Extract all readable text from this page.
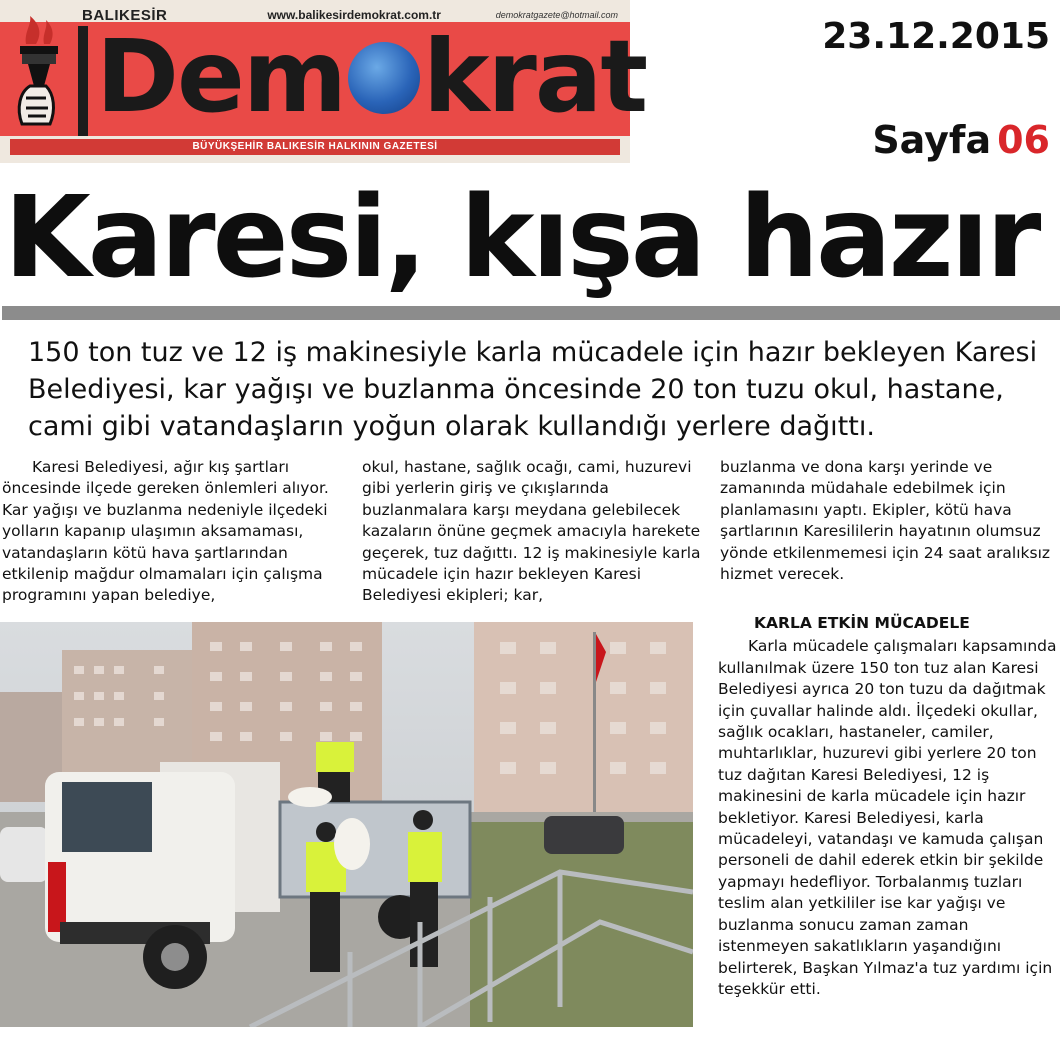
BALIKESİR	www.balikesirdemokrat.com.tr	demokratgazete@hotmail.com
Dem krat
BÜYÜKŞEHİR BALIKESİR HALKININ GAZETESİ
23.12.2015
Sayfa 06
Karesi, kışa hazır
150 ton tuz ve 12 iş makinesiyle karla mücadele için hazır bekleyen Karesi Belediyesi, kar yağışı ve buzlanma öncesinde 20 ton tuzu okul, hastane, cami gibi vatandaşların yoğun olarak kullandığı yerlere dağıttı.
Karesi Belediyesi, ağır kış şartları öncesinde ilçede gereken önlemleri alıyor. Kar yağışı ve buzlanma nedeniyle ilçedeki yolların kapanıp ulaşımın aksamaması, vatandaşların kötü hava şartlarından etkilenip mağdur olmamaları için çalışma programını yapan belediye,
okul, hastane, sağlık ocağı, cami, huzurevi gibi yerlerin giriş ve çıkışlarında buzlanmalara karşı meydana gelebilecek kazaların önüne geçmek amacıyla harekete geçerek, tuz dağıttı. 12 iş makinesiyle karla mücadele için hazır bekleyen Karesi Belediyesi ekipleri; kar,
buzlanma ve dona karşı yerinde ve zamanında müdahale edebilmek için planlamasını yaptı. Ekipler, kötü hava şartlarının Karesililerin hayatının olumsuz yönde etkilenmemesi için 24 saat aralıksız hizmet verecek.
KARLA ETKİN MÜCADELE
Karla mücadele çalışmaları kapsamında kullanılmak üzere 150 ton tuz alan Karesi Belediyesi ayrıca 20 ton tuzu da dağıtmak için çuvallar halinde aldı. İlçedeki okullar, sağlık ocakları, hastaneler, camiler, muhtarlıklar, huzurevi gibi yerlere 20 ton tuz dağıtan Karesi Belediyesi, 12 iş makinesini de karla mücadele için hazır bekletiyor. Karesi Belediyesi, karla mücadeleyi, vatandaşı ve kamuda çalışan personeli de dahil ederek etkin bir şekilde yapmayı hedefliyor. Torbalanmış tuzları teslim alan yetkililer ise kar yağışı ve buzlanma sonucu zaman zaman istenmeyen sakatlıkların yaşandığını belirterek, Başkan Yılmaz'a tuz yardımı için teşekkür etti.
